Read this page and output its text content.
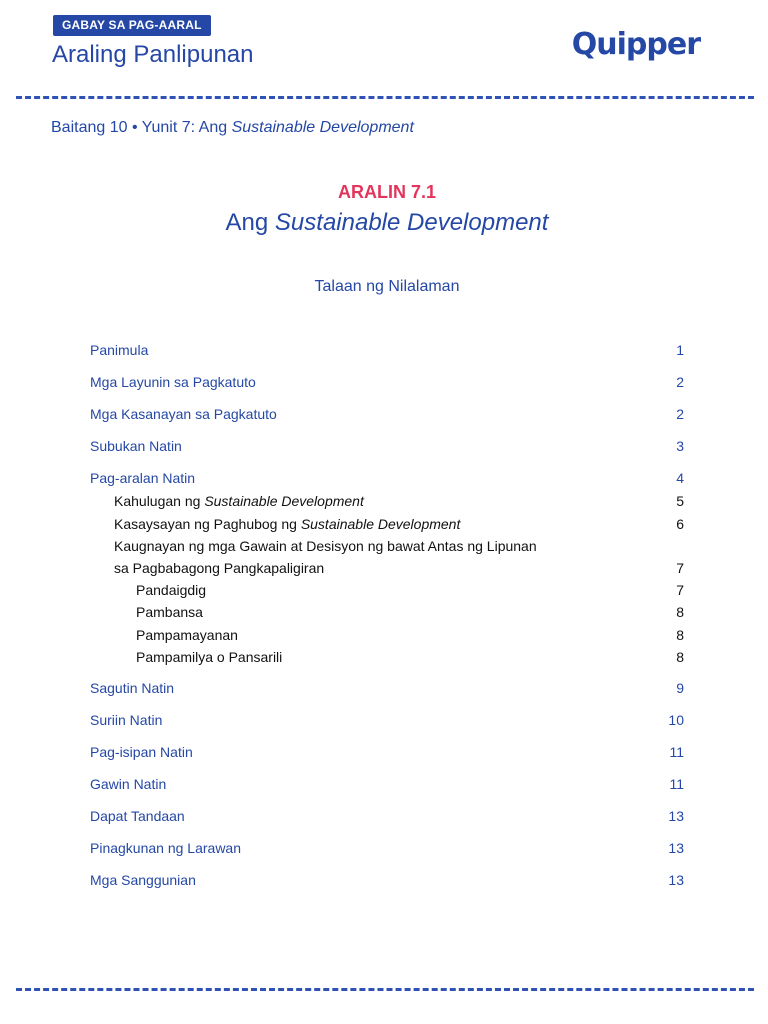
GABAY SA PAG-AARAL
Araling Panlipunan	Quipper
Baitang 10 • Yunit 7: Ang Sustainable Development
ARALIN 7.1
Ang Sustainable Development
Talaan ng Nilalaman
Panimula	1
Mga Layunin sa Pagkatuto	2
Mga Kasanayan sa Pagkatuto	2
Subukan Natin	3
Pag-aralan Natin	4
Kahulugan ng Sustainable Development	5
Kasaysayan ng Paghubog ng Sustainable Development	6
Kaugnayan ng mga Gawain at Desisyon ng bawat Antas ng Lipunan
sa Pagbabagong Pangkapaligiran	7
Pandaigdig	7
Pambansa	8
Pampamayanan	8
Pampamilya o Pansarili	8
Sagutin Natin	9
Suriin Natin	10
Pag-isipan Natin	11
Gawin Natin	11
Dapat Tandaan	13
Pinagkunan ng Larawan	13
Mga Sanggunian	13
